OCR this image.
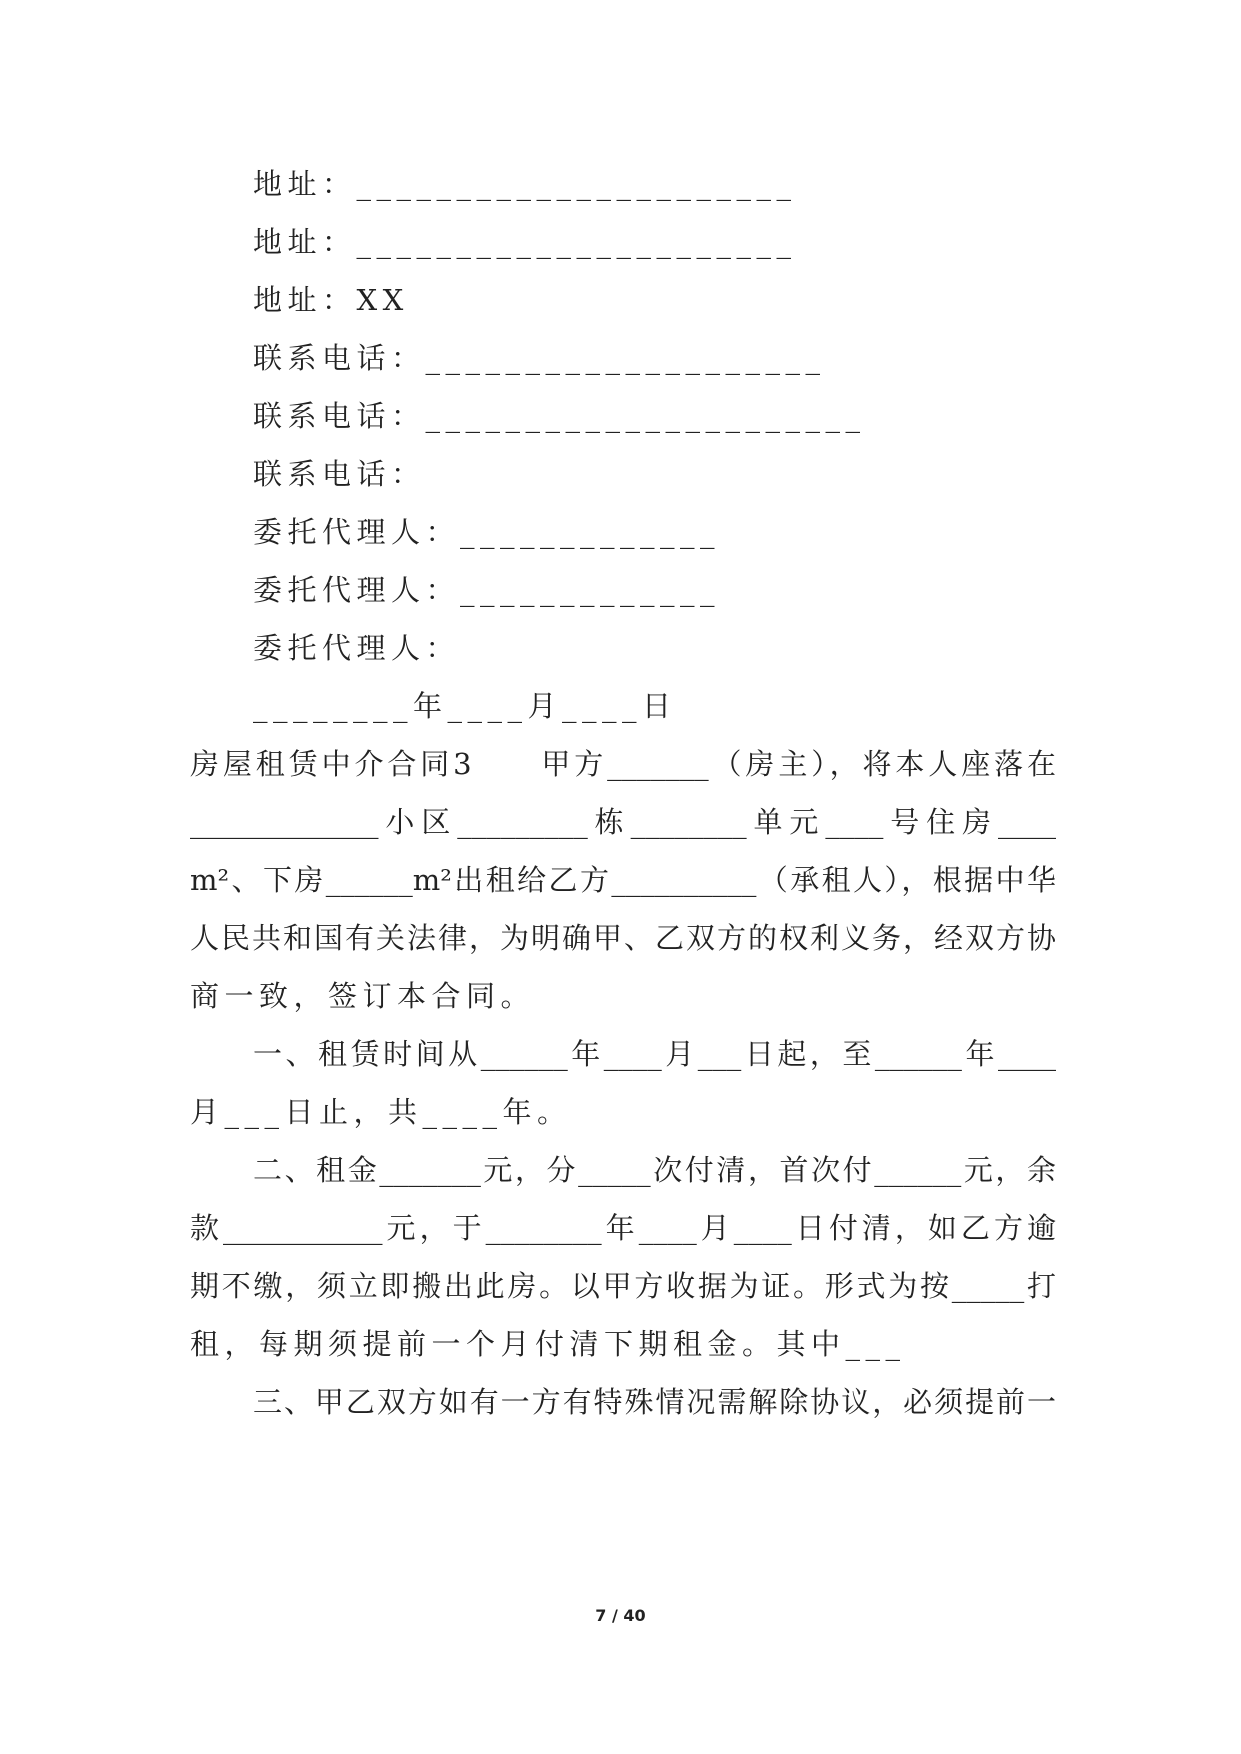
地址：______________________
地址：______________________
地址：XX
联系电话：____________________
联系电话：______________________
联系电话：
委托代理人：_____________
委托代理人：_____________
委托代理人：
________年____月____日
房屋租赁中介合同3　　甲方_______（房主），将本人座落在
_____________小区_________栋________单元____号住房____
m²、下房______m²出租给乙方__________（承租人），根据中华
人民共和国有关法律，为明确甲、乙双方的权利义务，经双方协
商一致，签订本合同。
一、租赁时间从______年____月___日起，至______年____
月___日止，共____年。
二、租金_______元，分_____次付清，首次付______元，余
款___________元，于________年____月____日付清，如乙方逾
期不缴，须立即搬出此房。以甲方收据为证。形式为按_____打
租，每期须提前一个月付清下期租金。其中___
三、甲乙双方如有一方有特殊情况需解除协议，必须提前一
7 / 40
